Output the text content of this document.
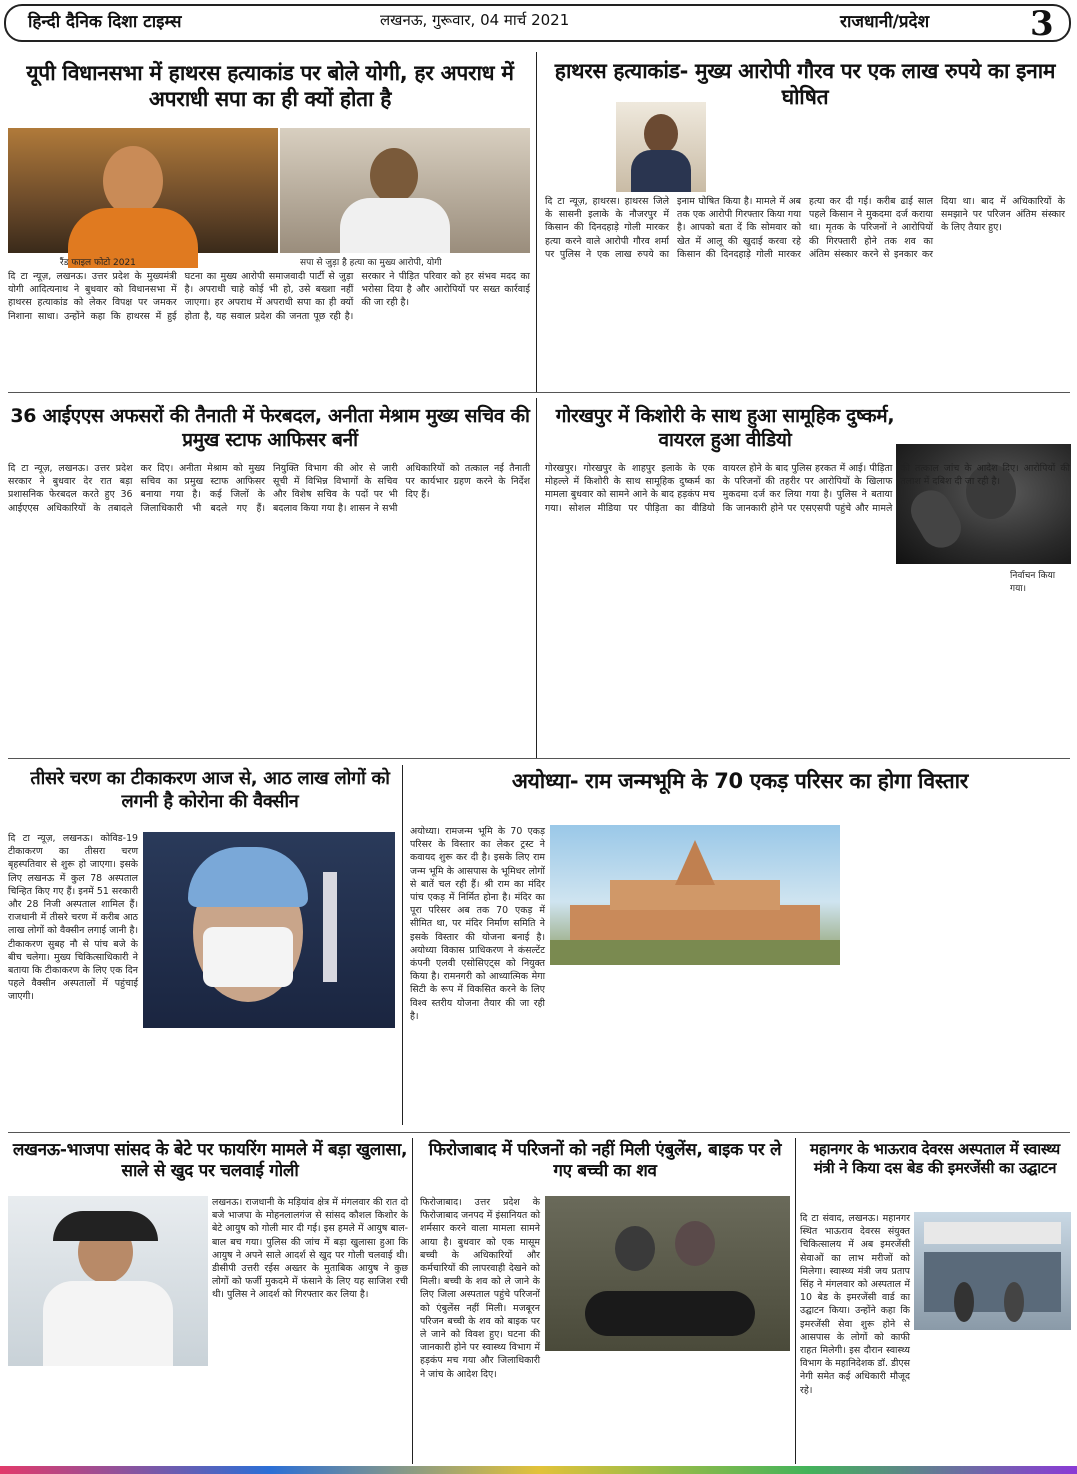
हिन्दी दैनिक दिशा टाइम्स	लखनऊ, गुरूवार, 04 मार्च 2021	राजधानी/प्रदेश	3
यूपी विधानसभा में हाथरस हत्याकांड पर बोले योगी, हर अपराध में अपराधी सपा का ही क्यों होता है
रैंड फाइल फोटो 2021	सपा से जुड़ा है हत्या का मुख्य आरोपी, योगी
दि टा न्यूज़, लखनऊ। उत्तर प्रदेश के मुख्यमंत्री योगी आदित्यनाथ ने बुधवार को विधानसभा में हाथरस हत्याकांड को लेकर विपक्ष पर जमकर निशाना साधा। उन्होंने कहा कि हाथरस में हुई घटना का मुख्य आरोपी समाजवादी पार्टी से जुड़ा है। अपराधी चाहे कोई भी हो, उसे बख्शा नहीं जाएगा। हर अपराध में अपराधी सपा का ही क्यों होता है, यह सवाल प्रदेश की जनता पूछ रही है। सरकार ने पीड़ित परिवार को हर संभव मदद का भरोसा दिया है और आरोपियों पर सख्त कार्रवाई की जा रही है।
हाथरस हत्याकांड- मुख्य आरोपी गौरव पर एक लाख रुपये का इनाम घोषित
दि टा न्यूज़, हाथरस। हाथरस जिले के सासनी इलाके के नौजरपुर में किसान की दिनदहाड़े गोली मारकर हत्या करने वाले आरोपी गौरव शर्मा पर पुलिस ने एक लाख रुपये का इनाम घोषित किया है। मामले में अब तक एक आरोपी गिरफ्तार किया गया है। आपको बता दें कि सोमवार को खेत में आलू की खुदाई करवा रहे किसान की दिनदहाड़े गोली मारकर हत्या कर दी गई। करीब ढाई साल पहले किसान ने मुकदमा दर्ज कराया था। मृतक के परिजनों ने आरोपियों की गिरफ्तारी होने तक शव का अंतिम संस्कार करने से इनकार कर दिया था। बाद में अधिकारियों के समझाने पर परिजन अंतिम संस्कार के लिए तैयार हुए।
36 आईएएस अफसरों की तैनाती में फेरबदल, अनीता मेश्राम मुख्य सचिव की प्रमुख स्टाफ आफिसर बनीं
दि टा न्यूज़, लखनऊ। उत्तर प्रदेश सरकार ने बुधवार देर रात बड़ा प्रशासनिक फेरबदल करते हुए 36 आईएएस अधिकारियों के तबादले कर दिए। अनीता मेश्राम को मुख्य सचिव का प्रमुख स्टाफ आफिसर बनाया गया है। कई जिलों के जिलाधिकारी भी बदले गए हैं। नियुक्ति विभाग की ओर से जारी सूची में विभिन्न विभागों के सचिव और विशेष सचिव के पदों पर भी बदलाव किया गया है। शासन ने सभी अधिकारियों को तत्काल नई तैनाती पर कार्यभार ग्रहण करने के निर्देश दिए हैं।
गोरखपुर में किशोरी के साथ हुआ सामूहिक दुष्कर्म, वायरल हुआ वीडियो
निर्वाचन किया गया।
गोरखपुर। गोरखपुर के शाहपुर इलाके के एक मोहल्ले में किशोरी के साथ सामूहिक दुष्कर्म का मामला बुधवार को सामने आने के बाद हड़कंप मच गया। सोशल मीडिया पर पीड़िता का वीडियो वायरल होने के बाद पुलिस हरकत में आई। पीड़िता के परिजनों की तहरीर पर आरोपियों के खिलाफ मुकदमा दर्ज कर लिया गया है। पुलिस ने बताया कि जानकारी होने पर एसएसपी पहुंचे और मामले की तत्काल जांच के आदेश दिए। आरोपियों की तलाश में दबिश दी जा रही है।
तीसरे चरण का टीकाकरण आज से, आठ लाख लोगों को लगनी है कोरोना की वैक्सीन
दि टा न्यूज़, लखनऊ। कोविड-19 टीकाकरण का तीसरा चरण बृहस्पतिवार से शुरू हो जाएगा। इसके लिए लखनऊ में कुल 78 अस्पताल चिन्हित किए गए हैं। इनमें 51 सरकारी और 28 निजी अस्पताल शामिल हैं। राजधानी में तीसरे चरण में करीब आठ लाख लोगों को वैक्सीन लगाई जानी है। टीकाकरण सुबह नौ से पांच बजे के बीच चलेगा। मुख्य चिकित्साधिकारी ने बताया कि टीकाकरण के लिए एक दिन पहले वैक्सीन अस्पतालों में पहुंचाई जाएगी।
अयोध्या- राम जन्मभूमि के 70 एकड़ परिसर का होगा विस्तार
अयोध्या। रामजन्म भूमि के 70 एकड़ परिसर के विस्तार का लेकर ट्रस्ट ने कवायद शुरू कर दी है। इसके लिए राम जन्म भूमि के आसपास के भूमिधर लोगों से बातें चल रही हैं। श्री राम का मंदिर पांच एकड़ में निर्मित होना है। मंदिर का पूरा परिसर अब तक 70 एकड़ में सीमित था, पर मंदिर निर्माण समिति ने इसके विस्तार की योजना बनाई है। अयोध्या विकास प्राधिकरण ने कंसल्टेंट कंपनी एलवी एसोसिएट्स को नियुक्त किया है। रामनगरी को आध्यात्मिक मेगा सिटी के रूप में विकसित करने के लिए विश्व स्तरीय योजना तैयार की जा रही है।
लखनऊ-भाजपा सांसद के बेटे पर फायरिंग मामले में बड़ा खुलासा, साले से खुद पर चलवाई गोली
लखनऊ। राजधानी के मड़ियांव क्षेत्र में मंगलवार की रात दो बजे भाजपा के मोहनलालगंज से सांसद कौशल किशोर के बेटे आयुष को गोली मार दी गई। इस हमले में आयुष बाल-बाल बच गया। पुलिस की जांच में बड़ा खुलासा हुआ कि आयुष ने अपने साले आदर्श से खुद पर गोली चलवाई थी। डीसीपी उत्तरी रईस अख्तर के मुताबिक आयुष ने कुछ लोगों को फर्जी मुकदमे में फंसाने के लिए यह साजिश रची थी। पुलिस ने आदर्श को गिरफ्तार कर लिया है।
फिरोजाबाद में परिजनों को नहीं मिली एंबुलेंस, बाइक पर ले गए बच्ची का शव
फिरोजाबाद। उत्तर प्रदेश के फिरोजाबाद जनपद में इंसानियत को शर्मसार करने वाला मामला सामने आया है। बुधवार को एक मासूम बच्ची के अधिकारियों और कर्मचारियों की लापरवाही देखने को मिली। बच्ची के शव को ले जाने के लिए जिला अस्पताल पहुंचे परिजनों को एंबुलेंस नहीं मिली। मजबूरन परिजन बच्ची के शव को बाइक पर ले जाने को विवश हुए। घटना की जानकारी होने पर स्वास्थ्य विभाग में हड़कंप मच गया और जिलाधिकारी ने जांच के आदेश दिए।
महानगर के भाऊराव देवरस अस्पताल में स्वास्थ्य मंत्री ने किया दस बेड की इमरजेंसी का उद्घाटन
दि टा संवाद, लखनऊ। महानगर स्थित भाऊराव देवरस संयुक्त चिकित्सालय में अब इमरजेंसी सेवाओं का लाभ मरीजों को मिलेगा। स्वास्थ्य मंत्री जय प्रताप सिंह ने मंगलवार को अस्पताल में 10 बेड के इमरजेंसी वार्ड का उद्घाटन किया। उन्होंने कहा कि इमरजेंसी सेवा शुरू होने से आसपास के लोगों को काफी राहत मिलेगी। इस दौरान स्वास्थ्य विभाग के महानिदेशक डॉ. डीएस नेगी समेत कई अधिकारी मौजूद रहे।
